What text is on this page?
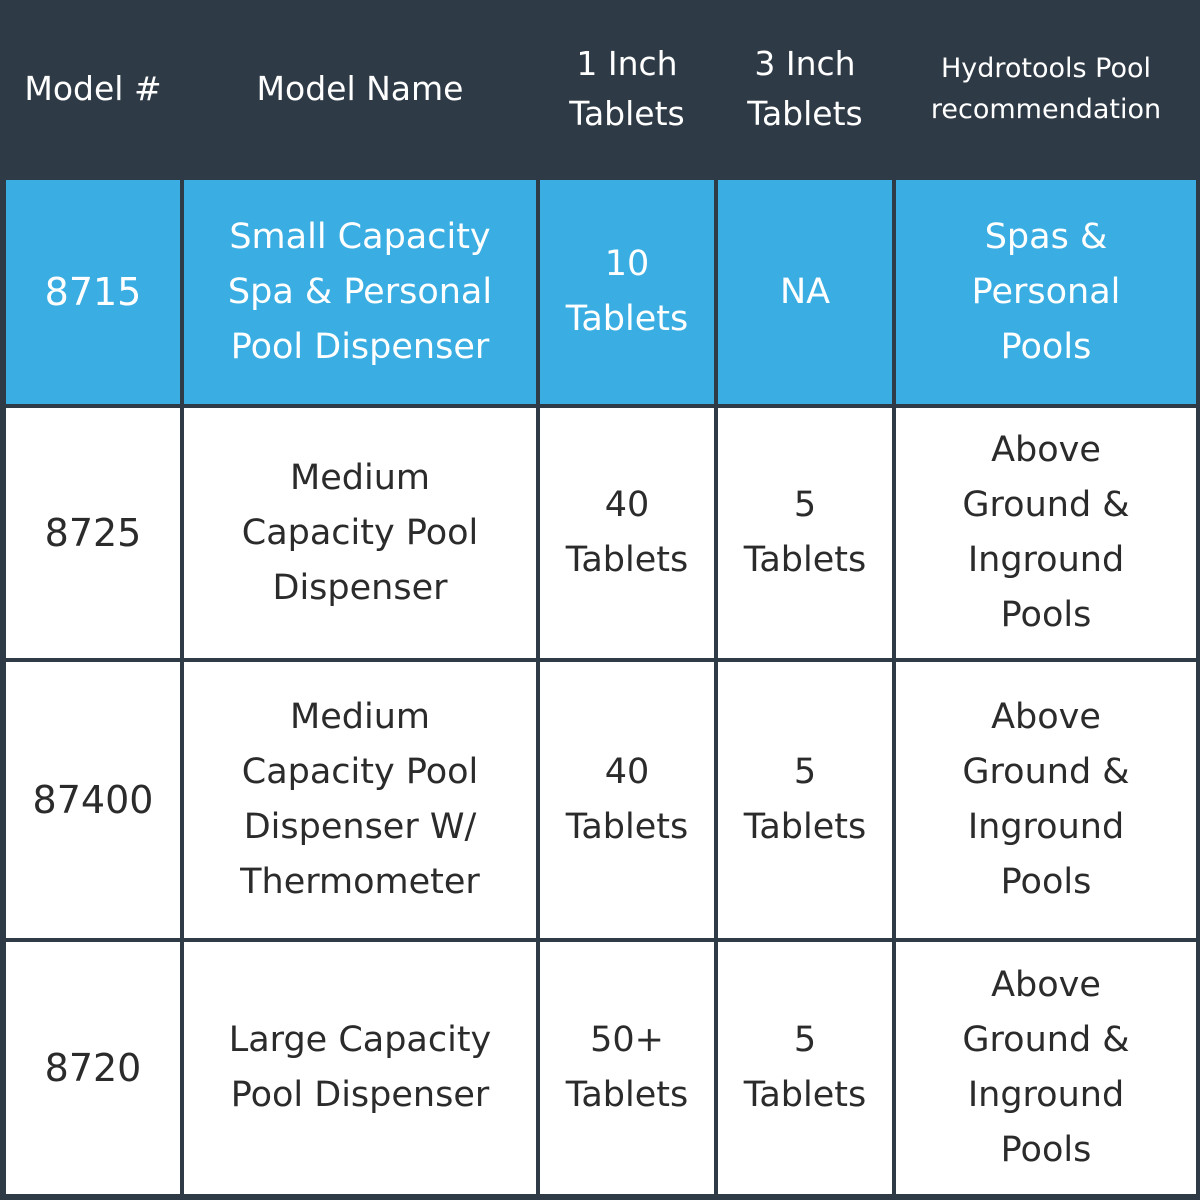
Model #	Model Name
1 Inch
Tablets
3 Inch
Tablets
Hydrotools Pool
recommendation
8715
Small Capacity
Spa & Personal
Pool Dispenser
10
Tablets
NA
Spas &
Personal
Pools
8725
Medium
Capacity Pool
Dispenser
40
Tablets
5
Tablets
Above
Ground &
Inground
Pools
87400
Medium
Capacity Pool
Dispenser W/
Thermometer
40
Tablets
5
Tablets
Above
Ground &
Inground
Pools
8720
Large Capacity
Pool Dispenser
50+
Tablets
5
Tablets
Above
Ground &
Inground
Pools
